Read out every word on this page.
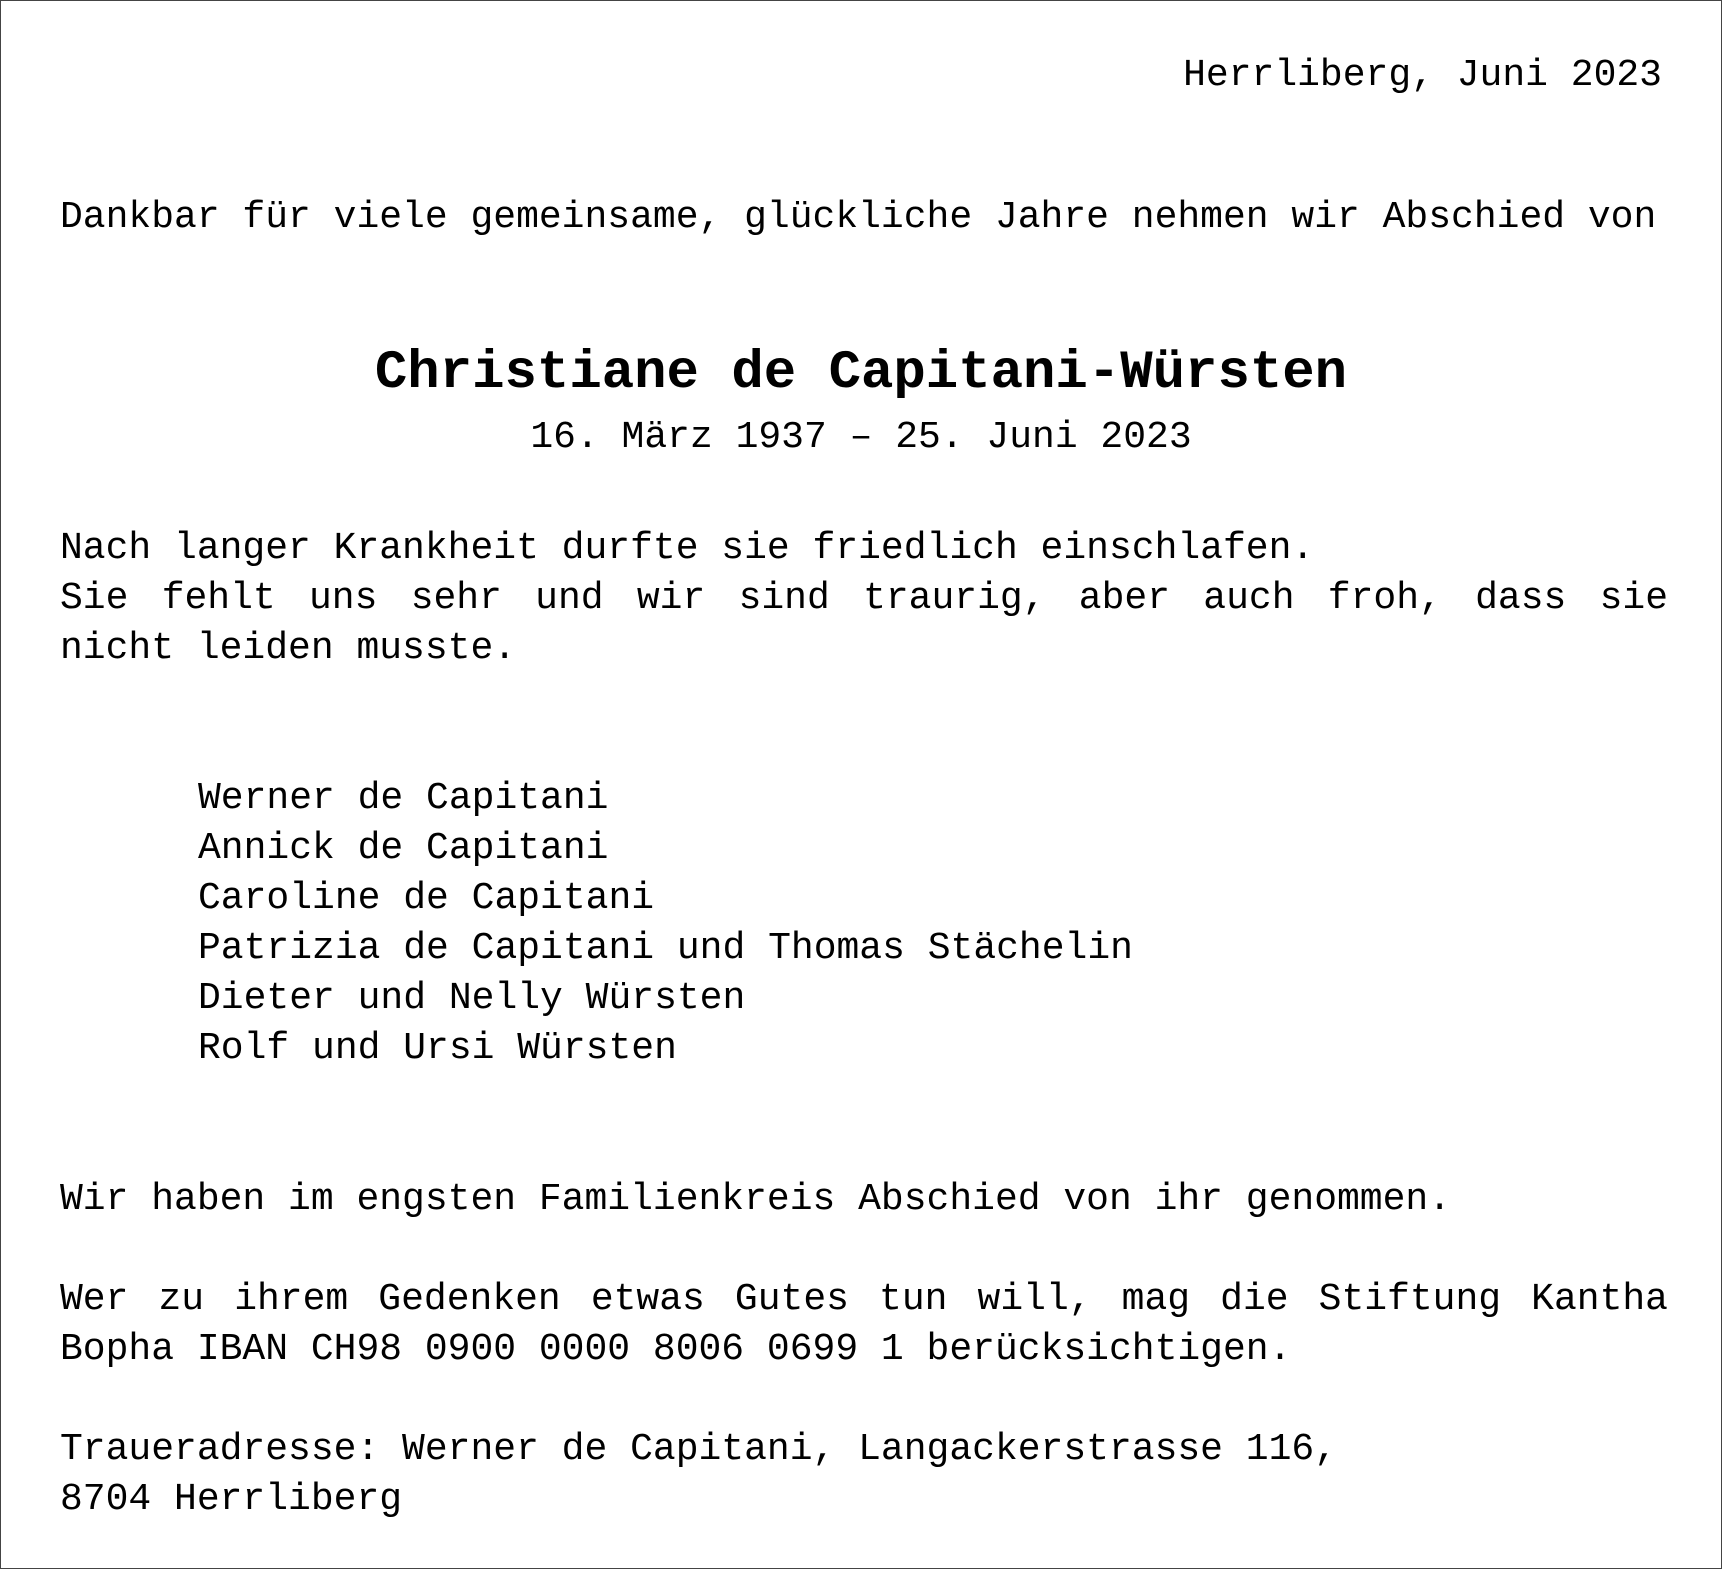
Herrliberg, Juni 2023

Dankbar für viele gemeinsame, glückliche Jahre nehmen wir Abschied von

Christiane de Capitani-Würsten

16. März 1937 – 25. Juni 2023

Nach langer Krankheit durfte sie friedlich einschlafen.
Sie fehlt uns sehr und wir sind traurig, aber auch froh, dass sie nicht leiden musste.
Werner de Capitani
Annick de Capitani
Caroline de Capitani
Patrizia de Capitani und Thomas Stächelin
Dieter und Nelly Würsten
Rolf und Ursi Würsten

Wir haben im engsten Familienkreis Abschied von ihr genommen.

Wer zu ihrem Gedenken etwas Gutes tun will, mag die Stiftung Kantha Bopha IBAN CH98 0900 0000 8006 0699 1 berücksichtigen.

Traueradresse: Werner de Capitani, Langackerstrasse 116,
8704 Herrliberg
